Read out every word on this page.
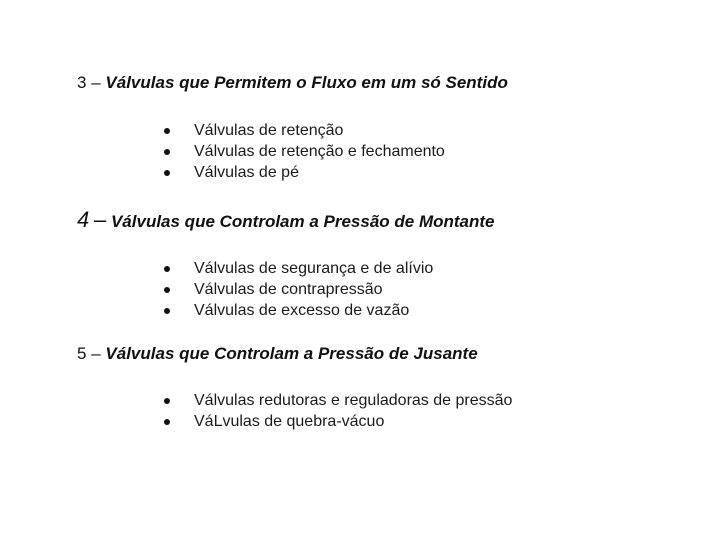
3 – Válvulas que Permitem o Fluxo em um só Sentido
Válvulas de retenção
Válvulas de retenção e fechamento
Válvulas de pé
4 – Válvulas que Controlam a Pressão de Montante
Válvulas de segurança e de alívio
Válvulas de contrapressão
Válvulas de excesso de vazão
5 – Válvulas que Controlam a Pressão de Jusante
Válvulas redutoras e reguladoras de pressão
VáLvulas de quebra-vácuo
